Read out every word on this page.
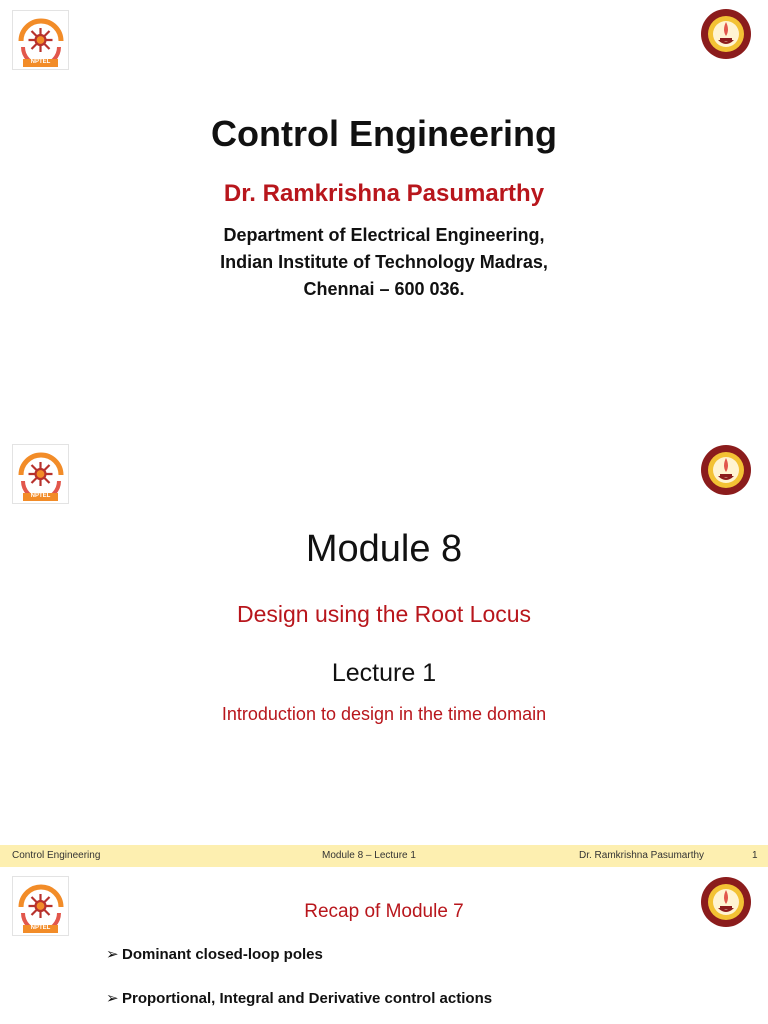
NPTEL
Control Engineering
Dr. Ramkrishna Pasumarthy
Department of Electrical Engineering,
Indian Institute of Technology Madras,
Chennai – 600 036.
NPTEL
Module 8
Design using the Root Locus
Lecture 1
Introduction to design in the time domain
Control Engineering	Module 8 – Lecture 1	Dr. Ramkrishna Pasumarthy	1
NPTEL
Recap of Module 7
➢ Dominant closed-loop poles
➢ Proportional, Integral and Derivative control actions
